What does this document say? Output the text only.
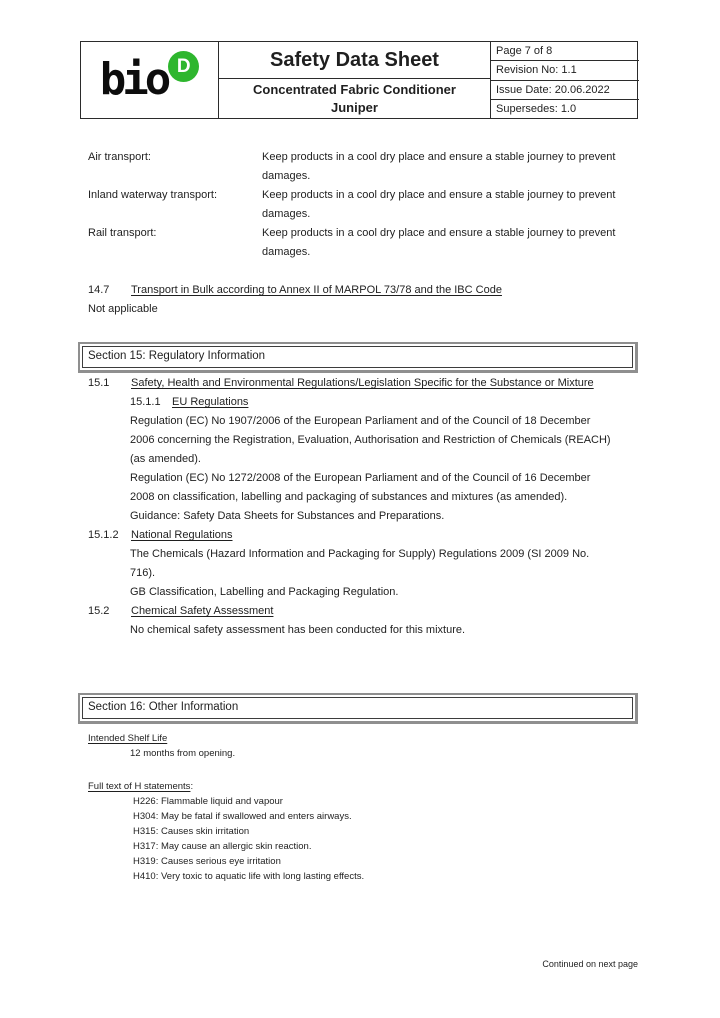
bio D	Safety Data Sheet
Concentrated Fabric Conditioner
Juniper
Page 7 of 8
Revision No: 1.1
Issue Date: 20.06.2022
Supersedes: 1.0
Air transport:	Keep products in a cool dry place and ensure a stable journey to prevent damages.
Inland waterway transport:	Keep products in a cool dry place and ensure a stable journey to prevent damages.
Rail transport:	Keep products in a cool dry place and ensure a stable journey to prevent damages.

14.7 Transport in Bulk according to Annex II of MARPOL 73/78 and the IBC Code

Not applicable

Section 15: Regulatory Information

15.1 Safety, Health and Environmental Regulations/Legislation Specific for the Substance or Mixture

15.1.1 EU Regulations

Regulation (EC) No 1907/2006 of the European Parliament and of the Council of 18 December 2006 concerning the Registration, Evaluation, Authorisation and Restriction of Chemicals (REACH) (as amended).

Regulation (EC) No 1272/2008 of the European Parliament and of the Council of 16 December 2008 on classification, labelling and packaging of substances and mixtures (as amended).

Guidance: Safety Data Sheets for Substances and Preparations.

15.1.2 National Regulations

The Chemicals (Hazard Information and Packaging for Supply) Regulations 2009 (SI 2009 No. 716).

GB Classification, Labelling and Packaging Regulation.

15.2 Chemical Safety Assessment

No chemical safety assessment has been conducted for this mixture.

Section 16: Other Information

Intended Shelf Life

12 months from opening.

Full text of H statements:

H226: Flammable liquid and vapour

H304: May be fatal if swallowed and enters airways.

H315: Causes skin irritation

H317: May cause an allergic skin reaction.

H319: Causes serious eye irritation

H410: Very toxic to aquatic life with long lasting effects.

Continued on next page
